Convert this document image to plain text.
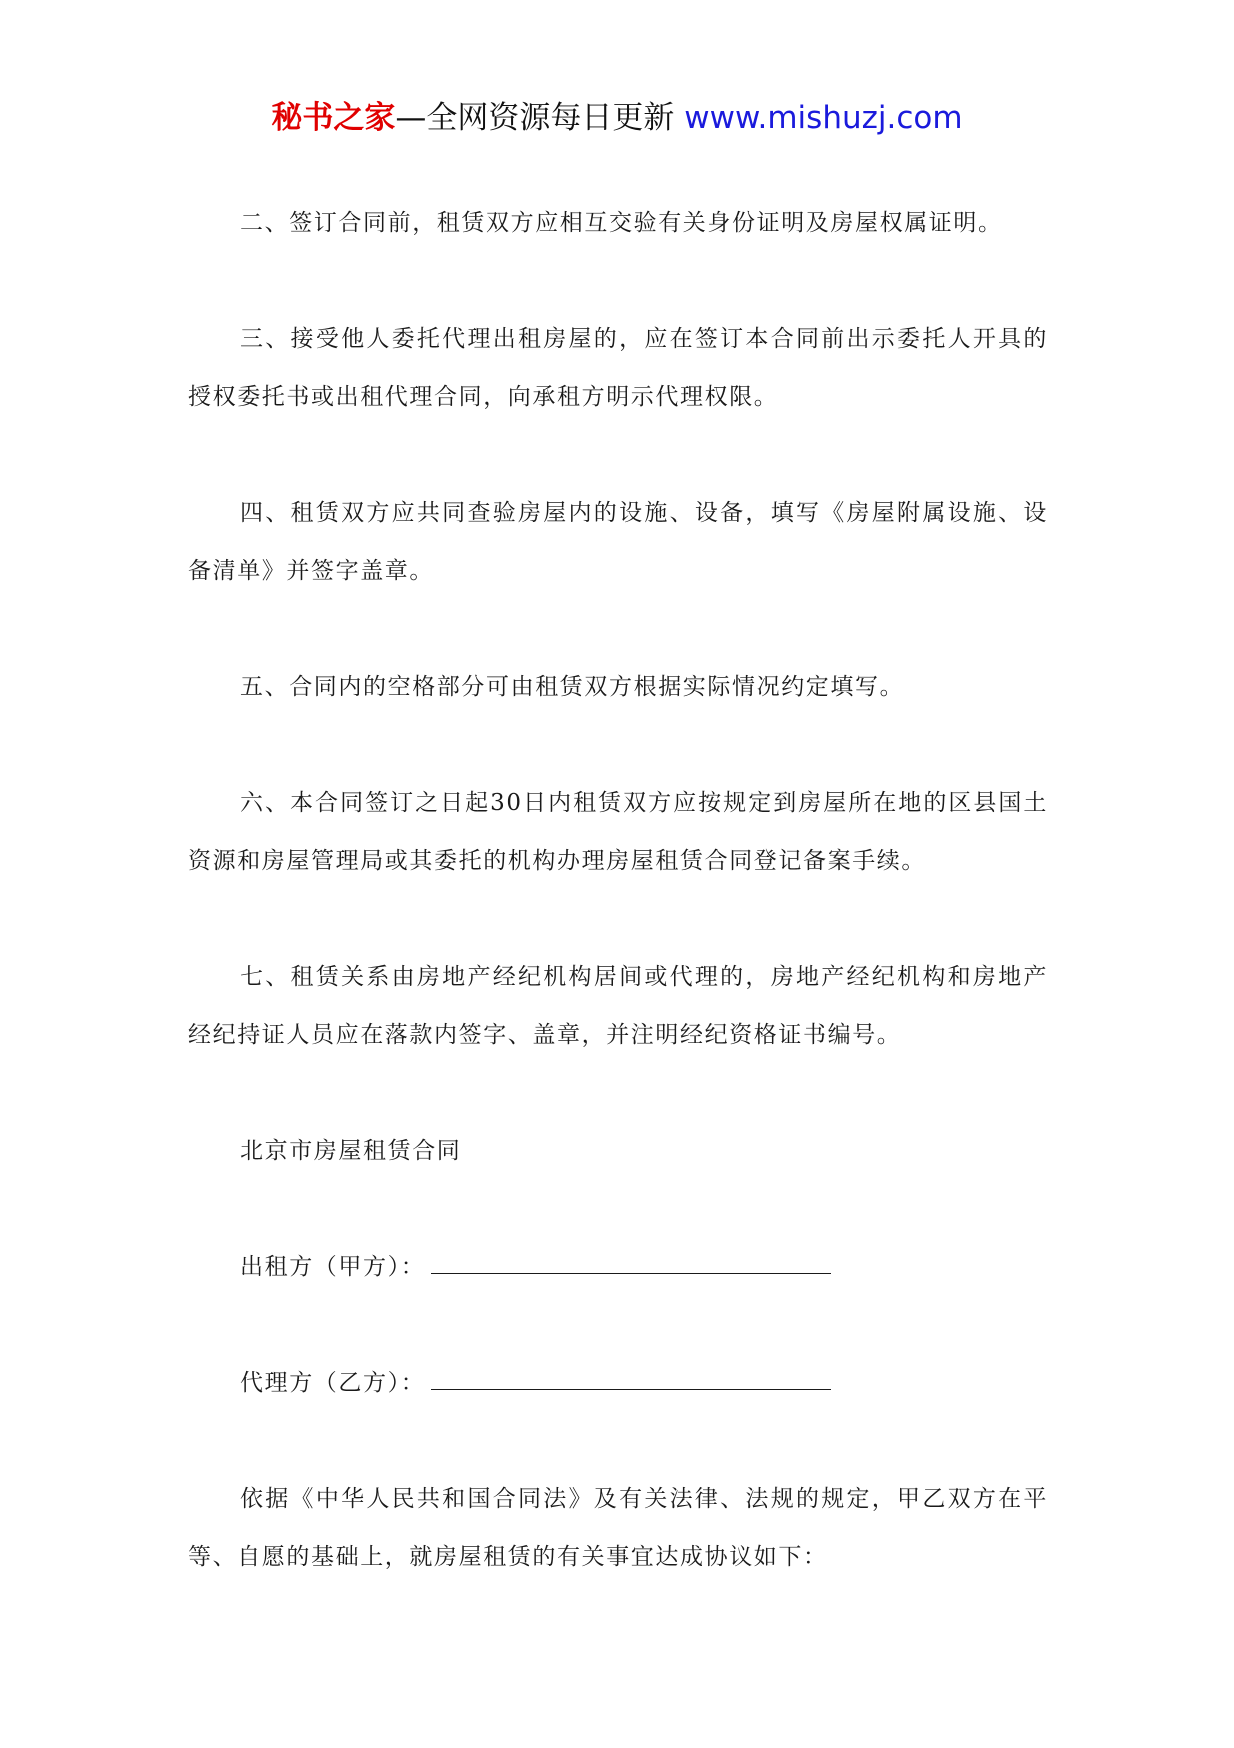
秘书之家—全网资源每日更新 www.mishuzj.com

二、签订合同前，租赁双方应相互交验有关身份证明及房屋权属证明。

三、接受他人委托代理出租房屋的，应在签订本合同前出示委托人开具的授权委托书或出租代理合同，向承租方明示代理权限。

四、租赁双方应共同查验房屋内的设施、设备，填写《房屋附属设施、设备清单》并签字盖章。

五、合同内的空格部分可由租赁双方根据实际情况约定填写。

六、本合同签订之日起30日内租赁双方应按规定到房屋所在地的区县国土资源和房屋管理局或其委托的机构办理房屋租赁合同登记备案手续。

七、租赁关系由房地产经纪机构居间或代理的，房地产经纪机构和房地产经纪持证人员应在落款内签字、盖章，并注明经纪资格证书编号。

北京市房屋租赁合同

出租方（甲方）：

代理方（乙方）：

依据《中华人民共和国合同法》及有关法律、法规的规定，甲乙双方在平等、自愿的基础上，就房屋租赁的有关事宜达成协议如下：
